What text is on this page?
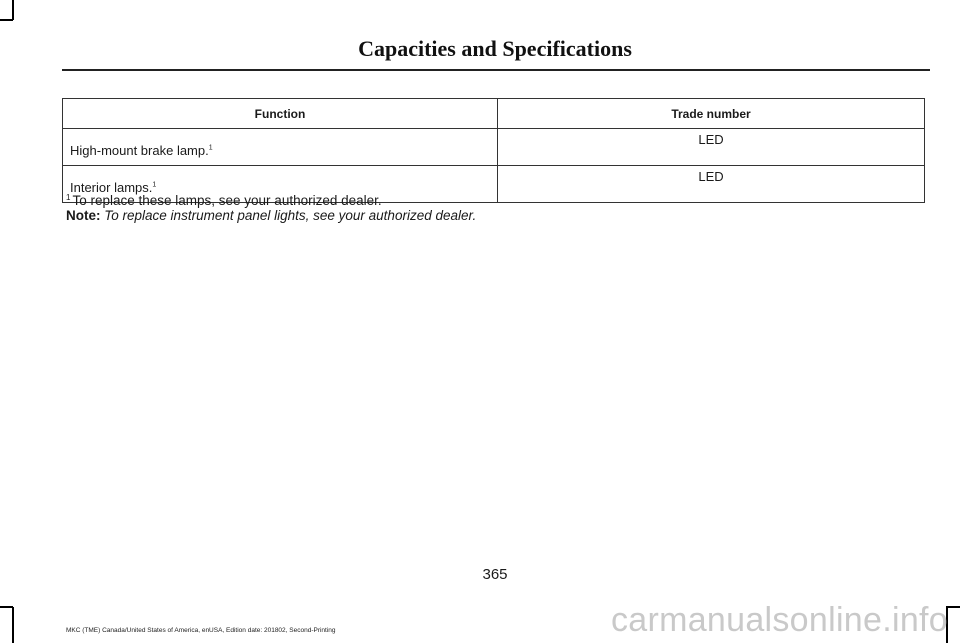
Capacities and Specifications
Function	Trade number
High-mount brake lamp.$^1$	LED
Interior lamps.$^1$	LED
$^1$ To replace these lamps, see your authorized dealer.
Note: To replace instrument panel lights, see your authorized dealer.
365
MKC (TME) Canada/United States of America, enUSA, Edition date: 201802, Second-Printing	carmanualsonline.info
